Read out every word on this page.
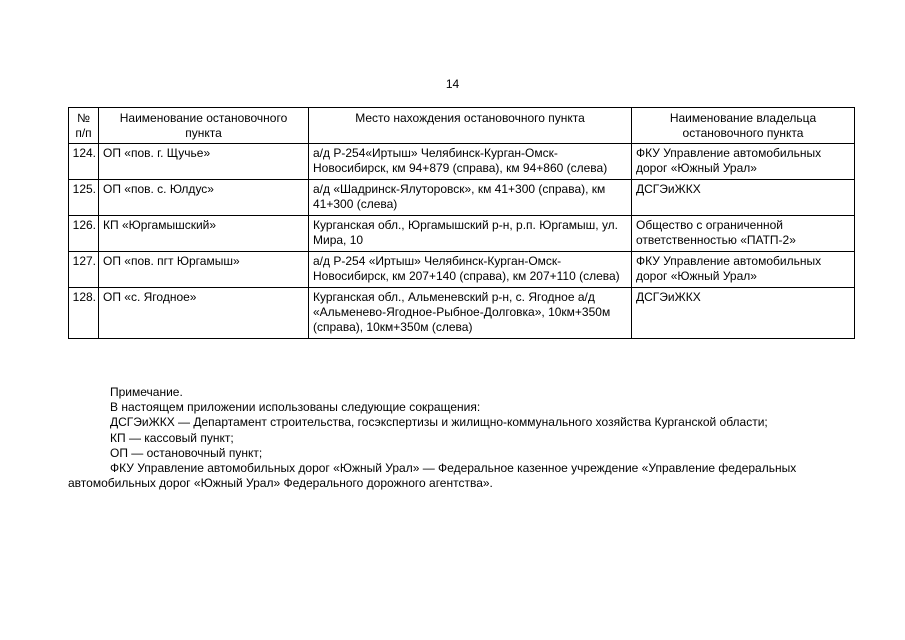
14
№ п/п	Наименование остановочного пункта	Место нахождения остановочного пункта	Наименование владельца остановочного пункта
124.	ОП «пов. г. Щучье»	а/д Р-254«Иртыш» Челябинск-Курган-Омск-Новосибирск, км 94+879 (справа), км 94+860 (слева)	ФКУ Управление автомобильных дорог «Южный Урал»
125.	ОП «пов. с. Юлдус»	а/д «Шадринск-Ялуторовск», км 41+300 (справа), км 41+300 (слева)	ДСГЭиЖКХ
126.	КП «Юргамышский»	Курганская обл., Юргамышский р-н, р.п. Юргамыш, ул. Мира, 10	Общество с ограниченной ответственностью «ПАТП-2»
127.	ОП «пов. пгт Юргамыш»	а/д Р-254 «Иртыш» Челябинск-Курган-Омск-Новосибирск, км 207+140 (справа), км 207+110 (слева)	ФКУ Управление автомобильных дорог «Южный Урал»
128.	ОП «с. Ягодное»	Курганская обл., Альменевский р-н, с. Ягодное а/д «Альменево-Ягодное-Рыбное-Долговка», 10км+350м (справа), 10км+350м (слева)	ДСГЭиЖКХ

Примечание.

В настоящем приложении использованы следующие сокращения:

ДСГЭиЖКХ — Департамент строительства, госэкспертизы и жилищно-коммунального хозяйства Курганской области;

КП — кассовый пункт;

ОП — остановочный пункт;

ФКУ Управление автомобильных дорог «Южный Урал» — Федеральное казенное учреждение «Управление федеральных автомобильных дорог «Южный Урал» Федерального дорожного агентства».
